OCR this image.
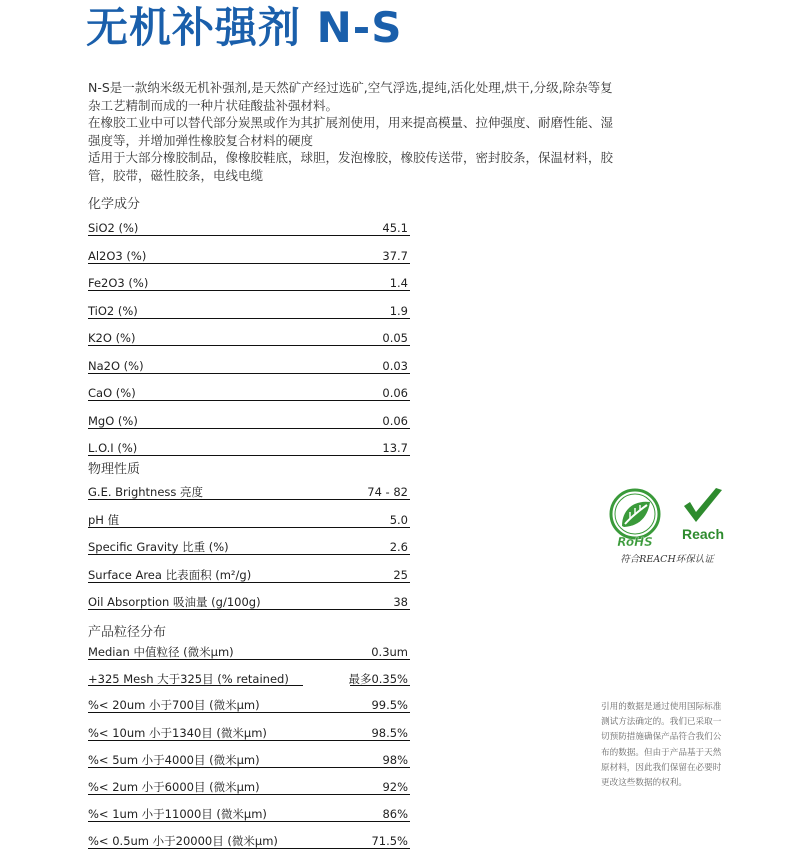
无机补强剂 N-S

N-S是一款纳米级无机补强剂,是天然矿产经过选矿,空气浮选,提纯,活化处理,烘干,分级,除杂等复杂工艺精制而成的一种片状硅酸盐补强材料。

在橡胶工业中可以替代部分炭黑或作为其扩展剂使用，用来提高模量、拉伸强度、耐磨性能、湿强度等，并增加弹性橡胶复合材料的硬度

适用于大部分橡胶制品，像橡胶鞋底，球胆，发泡橡胶，橡胶传送带，密封胶条，保温材料，胶管，胶带，磁性胶条，电线电缆

化学成分
SiO2 (%)	45.1
Al2O3 (%)	37.7
Fe2O3 (%)	1.4
TiO2 (%)	1.9
K2O (%)	0.05
Na2O (%)	0.03
CaO (%)	0.06
MgO (%)	0.06
L.O.I (%)	13.7
物理性质
G.E. Brightness 亮度	74 - 82
pH 值	5.0
Specific Gravity 比重 (%)	2.6
Surface Area 比表面积 (m²/g)	25
Oil Absorption 吸油量 (g/100g)	38
产品粒径分布
Median 中值粒径 (微米μm)	0.3um
+325 Mesh 大于325目 (% retained)	最多0.35%
%< 20um 小于700目 (微米μm)	99.5%
%< 10um 小于1340目 (微米μm)	98.5%
%< 5um 小于4000目 (微米μm)	98%
%< 2um 小于6000目 (微米μm)	92%
%< 1um 小于11000目 (微米μm)	86%
%< 0.5um 小于20000目 (微米μm)	71.5%
RoHS Reach
符合REACH环保认证

引用的数据是通过使用国际标准测试方法确定的。我们已采取一切预防措施确保产品符合我们公布的数据。但由于产品基于天然原材料，因此我们保留在必要时更改这些数据的权利。
